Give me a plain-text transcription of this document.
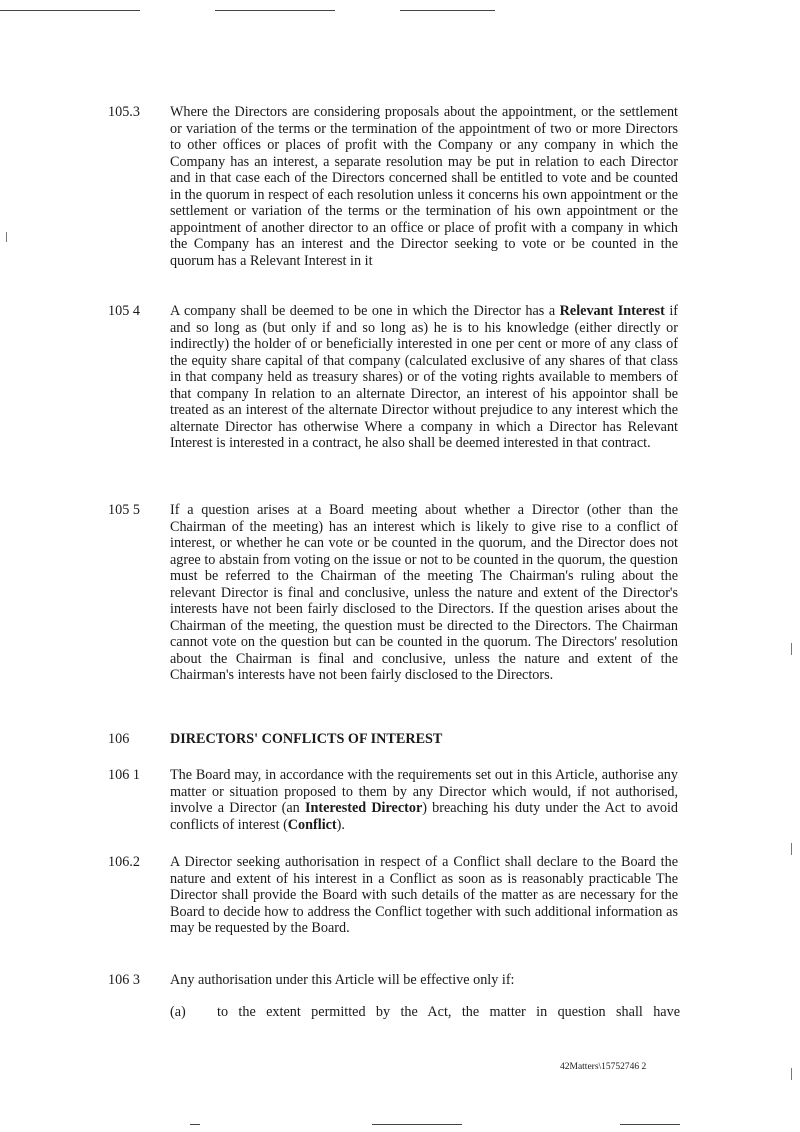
105.3	Where the Directors are considering proposals about the appointment, or the settlement or variation of the terms or the termination of the appointment of two or more Directors to other offices or places of profit with the Company or any company in which the Company has an interest, a separate resolution may be put in relation to each Director and in that case each of the Directors concerned shall be entitled to vote and be counted in the quorum in respect of each resolution unless it concerns his own appointment or the settlement or variation of the terms or the termination of his own appointment or the appointment of another director to an office or place of profit with a company in which the Company has an interest and the Director seeking to vote or be counted in the quorum has a Relevant Interest in it
105 4	A company shall be deemed to be one in which the Director has a Relevant Interest if and so long as (but only if and so long as) he is to his knowledge (either directly or indirectly) the holder of or beneficially interested in one per cent or more of any class of the equity share capital of that company (calculated exclusive of any shares of that class in that company held as treasury shares) or of the voting rights available to members of that company In relation to an alternate Director, an interest of his appointor shall be treated as an interest of the alternate Director without prejudice to any interest which the alternate Director has otherwise Where a company in which a Director has Relevant Interest is interested in a contract, he also shall be deemed interested in that contract.
105 5	If a question arises at a Board meeting about whether a Director (other than the Chairman of the meeting) has an interest which is likely to give rise to a conflict of interest, or whether he can vote or be counted in the quorum, and the Director does not agree to abstain from voting on the issue or not to be counted in the quorum, the question must be referred to the Chairman of the meeting The Chairman's ruling about the relevant Director is final and conclusive, unless the nature and extent of the Director's interests have not been fairly disclosed to the Directors. If the question arises about the Chairman of the meeting, the question must be directed to the Directors. The Chairman cannot vote on the question but can be counted in the quorum. The Directors' resolution about the Chairman is final and conclusive, unless the nature and extent of the Chairman's interests have not been fairly disclosed to the Directors.
106	DIRECTORS' CONFLICTS OF INTEREST
106 1	The Board may, in accordance with the requirements set out in this Article, authorise any matter or situation proposed to them by any Director which would, if not authorised, involve a Director (an Interested Director) breaching his duty under the Act to avoid conflicts of interest (Conflict).
106.2	A Director seeking authorisation in respect of a Conflict shall declare to the Board the nature and extent of his interest in a Conflict as soon as is reasonably practicable The Director shall provide the Board with such details of the matter as are necessary for the Board to decide how to address the Conflict together with such additional information as may be requested by the Board.
106 3	Any authorisation under this Article will be effective only if:
(a)	to the extent permitted by the Act, the matter in question shall have
42Matters\15752746 2
